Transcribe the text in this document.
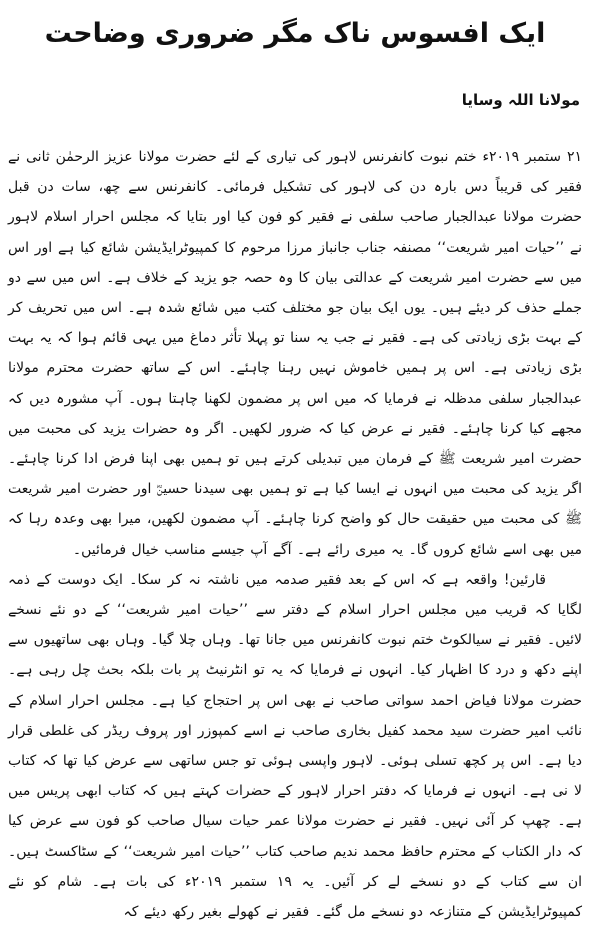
ایک افسوس ناک مگر ضروری وضاحت
مولانا اللہ وسایا

۲۱ ستمبر ۲۰۱۹ء ختم نبوت کانفرنس لاہور کی تیاری کے لئے حضرت مولانا عزیز الرحمٰن ثانی نے فقیر کی قریباً دس بارہ دن کی لاہور کی تشکیل فرمائی۔ کانفرنس سے چھ، سات دن قبل حضرت مولانا عبدالجبار صاحب سلفی نے فقیر کو فون کیا اور بتایا کہ مجلس احرار اسلام لاہور نے ’’حیات امیر شریعت‘‘ مصنفہ جناب جانباز مرزا مرحوم کا کمپیوٹرایڈیشن شائع کیا ہے اور اس میں سے حضرت امیر شریعت کے عدالتی بیان کا وہ حصہ جو یزید کے خلاف ہے۔ اس میں سے دو جملے حذف کر دیئے ہیں۔ یوں ایک بیان جو مختلف کتب میں شائع شدہ ہے۔ اس میں تحریف کر کے بہت بڑی زیادتی کی ہے۔ فقیر نے جب یہ سنا تو پہلا تأثر دماغ میں یہی قائم ہوا کہ یہ بہت بڑی زیادتی ہے۔ اس پر ہمیں خاموش نہیں رہنا چاہئے۔ اس کے ساتھ حضرت محترم مولانا عبدالجبار سلفی مدظلہ نے فرمایا کہ میں اس پر مضمون لکھنا چاہتا ہوں۔ آپ مشورہ دیں کہ مجھے کیا کرنا چاہئے۔ فقیر نے عرض کیا کہ ضرور لکھیں۔ اگر وہ حضرات یزید کی محبت میں حضرت امیر شریعت ﷺ کے فرمان میں تبدیلی کرتے ہیں تو ہمیں بھی اپنا فرض ادا کرنا چاہئے۔ اگر یزید کی محبت میں انہوں نے ایسا کیا ہے تو ہمیں بھی سیدنا حسینؓ اور حضرت امیر شریعت ﷺ کی محبت میں حقیقت حال کو واضح کرنا چاہئے۔ آپ مضمون لکھیں، میرا بھی وعدہ رہا کہ میں بھی اسے شائع کروں گا۔ یہ میری رائے ہے۔ آگے آپ جیسے مناسب خیال فرمائیں۔

قارئین! واقعہ ہے کہ اس کے بعد فقیر صدمہ میں ناشتہ نہ کر سکا۔ ایک دوست کے ذمہ لگایا کہ قریب میں مجلس احرار اسلام کے دفتر سے ’’حیات امیر شریعت‘‘ کے دو نئے نسخے لائیں۔ فقیر نے سیالکوٹ ختم نبوت کانفرنس میں جانا تھا۔ وہاں چلا گیا۔ وہاں بھی ساتھیوں سے اپنے دکھ و درد کا اظہار کیا۔ انہوں نے فرمایا کہ یہ تو انٹرنیٹ پر بات بلکہ بحث چل رہی ہے۔ حضرت مولانا فیاض احمد سواتی صاحب نے بھی اس پر احتجاج کیا ہے۔ مجلس احرار اسلام کے نائب امیر حضرت سید محمد کفیل بخاری صاحب نے اسے کمپوزر اور پروف ریڈر کی غلطی قرار دیا ہے۔ اس پر کچھ تسلی ہوئی۔ لاہور واپسی ہوئی تو جس ساتھی سے عرض کیا تھا کہ کتاب لا نی ہے۔ انہوں نے فرمایا کہ دفتر احرار لاہور کے حضرات کہتے ہیں کہ کتاب ابھی پریس میں ہے۔ چھپ کر آئی نہیں۔ فقیر نے حضرت مولانا عمر حیات سیال صاحب کو فون سے عرض کیا کہ دار الکتاب کے محترم حافظ محمد ندیم صاحب کتاب ’’حیات امیر شریعت‘‘ کے سٹاکسٹ ہیں۔ ان سے کتاب کے دو نسخے لے کر آئیں۔ یہ ۱۹ ستمبر ۲۰۱۹ء کی بات ہے۔ شام کو نئے کمپیوٹرایڈیشن کے متنازعہ دو نسخے مل گئے۔ فقیر نے کھولے بغیر رکھ دیئے کہ
